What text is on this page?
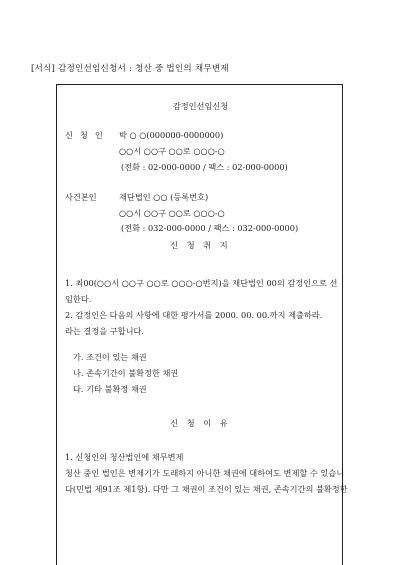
[서식] 감정인선임신청서 : 청산 중 법인의 채무변제
감정인선임신청
신 청 인 박 ○ ○(000000-0000000)
○○시 ○○구 ○○로 ○○○-○
(전화 : 02-000-0000 / 팩스 : 02-000-0000)
사건본인	재단법인 ○○ (등록번호)
○○시 ○○구 ○○로 ○○○-○
(전화 : 032-000-0000 / 팩스 : 032-000-0000)
신 청 취 지
1. 최00(○○시 ○○구 ○○로 ○○○-○번지)을 재단법인 00의 감정인으로 선
임한다.
2. 감정인은 다음의 사항에 대한 평가서를 2000. 00. 00.까지 제출하라.
라는 결정을 구합니다.
가. 조건이 있는 채권
나. 존속기간이 불확정한 채권
다. 기타 불확정 채권
신 청 이 유
1. 신청인의 청산법인에 채무변제
청산 중인 법인은 변제기가 도래하지 아니한 채권에 대하여도 변제할 수 있습니
다(민법 제91조 제1항). 다만 그 채권이 조건이 있는 채권, 존속기간의 불확정한
